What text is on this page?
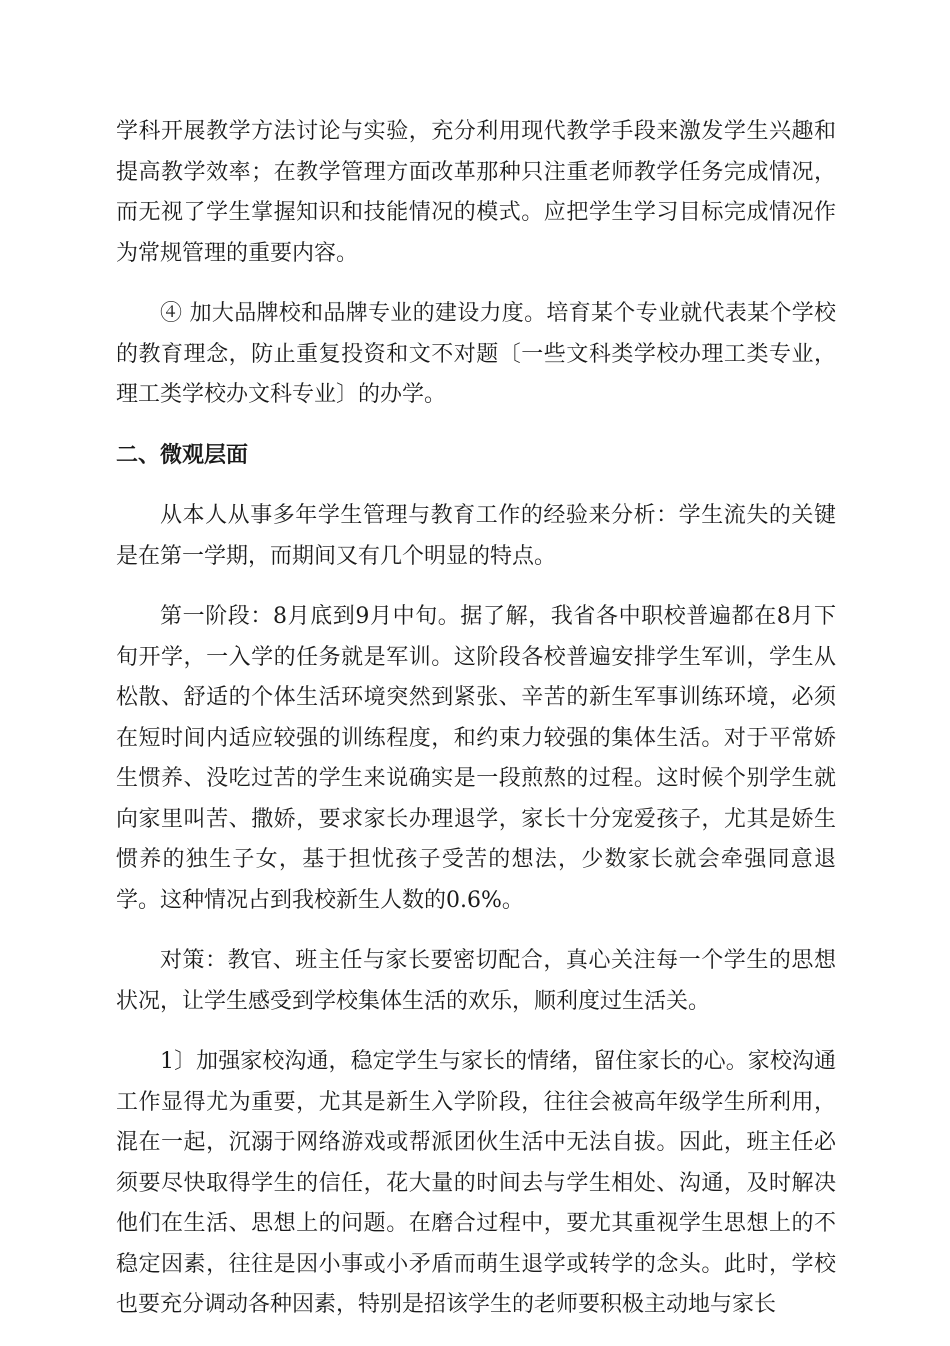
学科开展教学方法讨论与实验，充分利用现代教学手段来激发学生兴趣和提高教学效率；在教学管理方面改革那种只注重老师教学任务完成情况，而无视了学生掌握知识和技能情况的模式。应把学生学习目标完成情况作为常规管理的重要内容。

④ 加大品牌校和品牌专业的建设力度。培育某个专业就代表某个学校的教育理念，防止重复投资和文不对题〔一些文科类学校办理工类专业，理工类学校办文科专业〕的办学。

二、微观层面

从本人从事多年学生管理与教育工作的经验来分析：学生流失的关键是在第一学期，而期间又有几个明显的特点。

第一阶段：8月底到9月中旬。据了解，我省各中职校普遍都在8月下旬开学，一入学的任务就是军训。这阶段各校普遍安排学生军训，学生从松散、舒适的个体生活环境突然到紧张、辛苦的新生军事训练环境，必须在短时间内适应较强的训练程度，和约束力较强的集体生活。对于平常娇生惯养、没吃过苦的学生来说确实是一段煎熬的过程。这时候个别学生就向家里叫苦、撒娇，要求家长办理退学，家长十分宠爱孩子，尤其是娇生惯养的独生子女，基于担忧孩子受苦的想法，少数家长就会牵强同意退学。这种情况占到我校新生人数的0.6%。

对策：教官、班主任与家长要密切配合，真心关注每一个学生的思想状况，让学生感受到学校集体生活的欢乐，顺利度过生活关。

1〕加强家校沟通，稳定学生与家长的情绪，留住家长的心。家校沟通工作显得尤为重要，尤其是新生入学阶段，往往会被高年级学生所利用，混在一起，沉溺于网络游戏或帮派团伙生活中无法自拔。因此，班主任必须要尽快取得学生的信任，花大量的时间去与学生相处、沟通，及时解决他们在生活、思想上的问题。在磨合过程中，要尤其重视学生思想上的不稳定因素，往往是因小事或小矛盾而萌生退学或转学的念头。此时，学校也要充分调动各种因素，特别是招该学生的老师要积极主动地与家长
